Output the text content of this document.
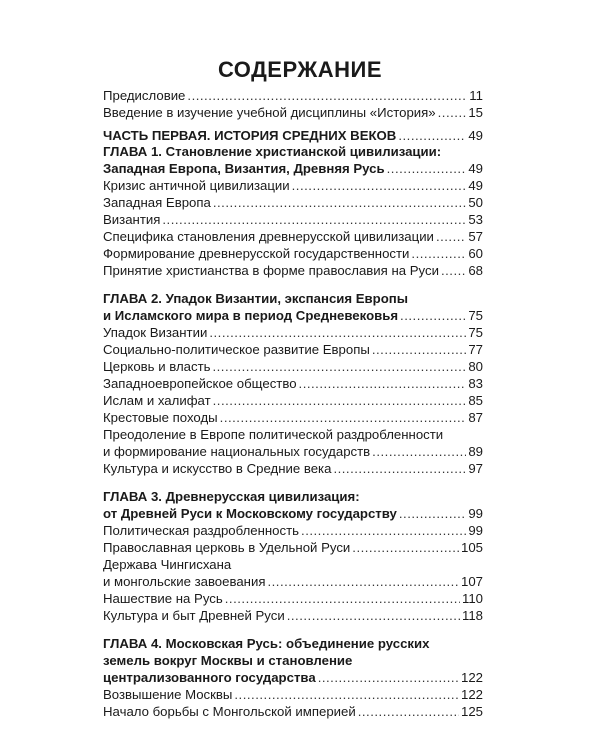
СОДЕРЖАНИЕ
Предисловие .....	11
Введение в изучение учебной дисциплины «История» ..... 15
ЧАСТЬ ПЕРВАЯ. ИСТОРИЯ СРЕДНИХ ВЕКОВ .....	49
ГЛАВА 1. Становление христианской цивилизации:
Западная Европа, Византия, Древняя Русь .....	49
Кризис античной цивилизации .....	49
Западная Европа .....	50
Византия .....	53
Специфика становления древнерусской цивилизации .....	57
Формирование древнерусской государственности .....	60
Принятие христианства в форме православия на Руси ..... 68
ГЛАВА 2. Упадок Византии, экспансия Европы
и Исламского мира в период Средневековья .....	75
Упадок Византии .....	75
Социально-политическое развитие Европы .....	77
Церковь и власть .....	80
Западноевропейское общество .....	83
Ислам и халифат .....	85
Крестовые походы .....	87
Преодоление в Европе политической раздробленности
и формирование национальных государств .....	89
Культура и искусство в Средние века .....	97
ГЛАВА 3. Древнерусская цивилизация:
от Древней Руси к Московскому государству .....	99
Политическая раздробленность .....	99
Православная церковь в Удельной Руси .....	105
Держава Чингисхана
и монгольские завоевания .....	107
Нашествие на Русь .....	110
Культура и быт Древней Руси .....	118
ГЛАВА 4. Московская Русь: объединение русских
земель вокруг Москвы и становление
централизованного государства .....	122
Возвышение Москвы .....	122
Начало борьбы с Монгольской империей .....	125
